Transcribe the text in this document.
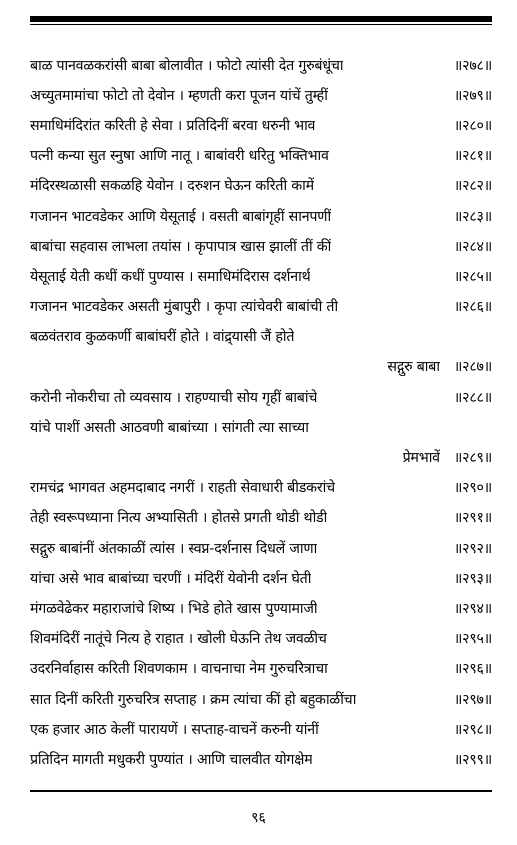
बाळ पानवळकरांसी बाबा बोलावीत । फोटो त्यांसी देत गुरुबंधूंचा	॥२७८॥
अच्युतमामांचा फोटो तो देवोन । म्हणती करा पूजन यांचें तुम्हीं	॥२७९॥
समाधिमंदिरांत करिती हे सेवा । प्रतिदिनीं बरवा धरुनी भाव	॥२८०॥
पत्नी कन्या सुत स्नुषा आणि नातू । बाबांवरी धरितु भक्तिभाव	॥२८१॥
मंदिरस्थळासी सकळहि येवोन । दरुशन घेऊन करिती कामें	॥२८२॥
गजानन भाटवडेकर आणि येसूताई । वसती बाबांगृहीं सानपणीं	॥२८३॥
बाबांचा सहवास लाभला तयांस । कृपापात्र खास झालीं तीं कीं	॥२८४॥
येसूताई येती कधीं कधीं पुण्यास । समाधिमंदिरास दर्शनार्थ	॥२८५॥
गजानन भाटवडेकर असती मुंबापुरी । कृपा त्यांचेवरी बाबांची ती	॥२८६॥
बळवंतराव कुळकर्णी बाबांघरीं होते । वांद्र्यासी जैं होते
सद्गुरु बाबा ॥२८७॥
करोनी नोकरीचा तो व्यवसाय । राहण्याची सोय गृहीं बाबांचे	॥२८८॥
यांचे पाशीं असती आठवणी बाबांच्या । सांगती त्या साच्या
प्रेमभावें ॥२८९॥
रामचंद्र भागवत अहमदाबाद नगरीं । राहती सेवाधारी बीडकरांचे	॥२९०॥
तेही स्वरूपध्याना नित्य अभ्यासिती । होतसे प्रगती थोडी थोडी	॥२९१॥
सद्गुरु बाबांनीं अंतकाळीं त्यांस । स्वप्न-दर्शनास दिधलें जाणा	॥२९२॥
यांचा असे भाव बाबांच्या चरणीं । मंदिरीं येवोनी दर्शन घेती	॥२९३॥
मंगळवेढेकर महाराजांचे शिष्य । भिडे होते खास पुण्यामाजी	॥२९४॥
शिवमंदिरीं नातूंचे नित्य हे राहात । खोली घेऊनि तेथ जवळीच	॥२९५॥
उदरनिर्वाहास करिती शिवणकाम । वाचनाचा नेम गुरुचरित्राचा	॥२९६॥
सात दिनीं करिती गुरुचरित्र सप्ताह । क्रम त्यांचा कीं हो बहुकाळींचा	॥२९७॥
एक हजार आठ केलीं पारायणें । सप्ताह-वाचनें करुनी यांनीं	॥२९८॥
प्रतिदिन मागती मधुकरी पुण्यांत । आणि चालवीत योगक्षेम	॥२९९॥
९६
